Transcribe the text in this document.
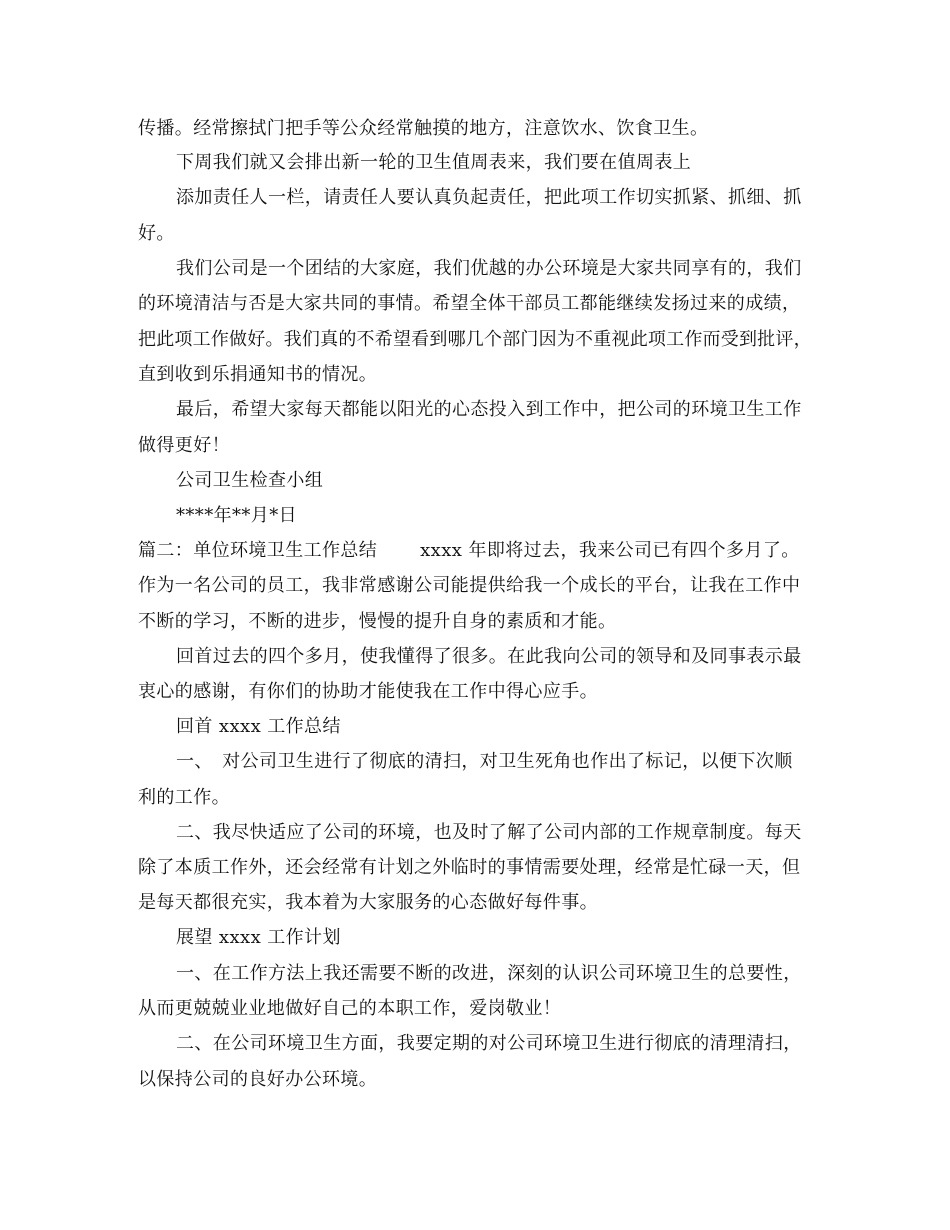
传播。经常擦拭门把手等公众经常触摸的地方，注意饮水、饮食卫生。
下周我们就又会排出新一轮的卫生值周表来，我们要在值周表上
添加责任人一栏，请责任人要认真负起责任，把此项工作切实抓紧、抓细、抓
好。
我们公司是一个团结的大家庭，我们优越的办公环境是大家共同享有的，我们
的环境清洁与否是大家共同的事情。希望全体干部员工都能继续发扬过来的成绩，
把此项工作做好。我们真的不希望看到哪几个部门因为不重视此项工作而受到批评，
直到收到乐捐通知书的情况。
最后，希望大家每天都能以阳光的心态投入到工作中，把公司的环境卫生工作
做得更好！
公司卫生检查小组
****年**月*日
篇二：单位环境卫生工作总结　　 xxxx 年即将过去，我来公司已有四个多月了。
作为一名公司的员工，我非常感谢公司能提供给我一个成长的平台，让我在工作中
不断的学习，不断的进步，慢慢的提升自身的素质和才能。
回首过去的四个多月，使我懂得了很多。在此我向公司的领导和及同事表示最
衷心的感谢，有你们的协助才能使我在工作中得心应手。
回首 xxxx 工作总结
一、　对公司卫生进行了彻底的清扫，对卫生死角也作出了标记，以便下次顺
利的工作。
二、我尽快适应了公司的环境，也及时了解了公司内部的工作规章制度。每天
除了本质工作外，还会经常有计划之外临时的事情需要处理，经常是忙碌一天，但
是每天都很充实，我本着为大家服务的心态做好每件事。
展望 xxxx 工作计划
一、在工作方法上我还需要不断的改进，深刻的认识公司环境卫生的总要性，
从而更兢兢业业地做好自己的本职工作，爱岗敬业！
二、在公司环境卫生方面，我要定期的对公司环境卫生进行彻底的清理清扫，
以保持公司的良好办公环境。
